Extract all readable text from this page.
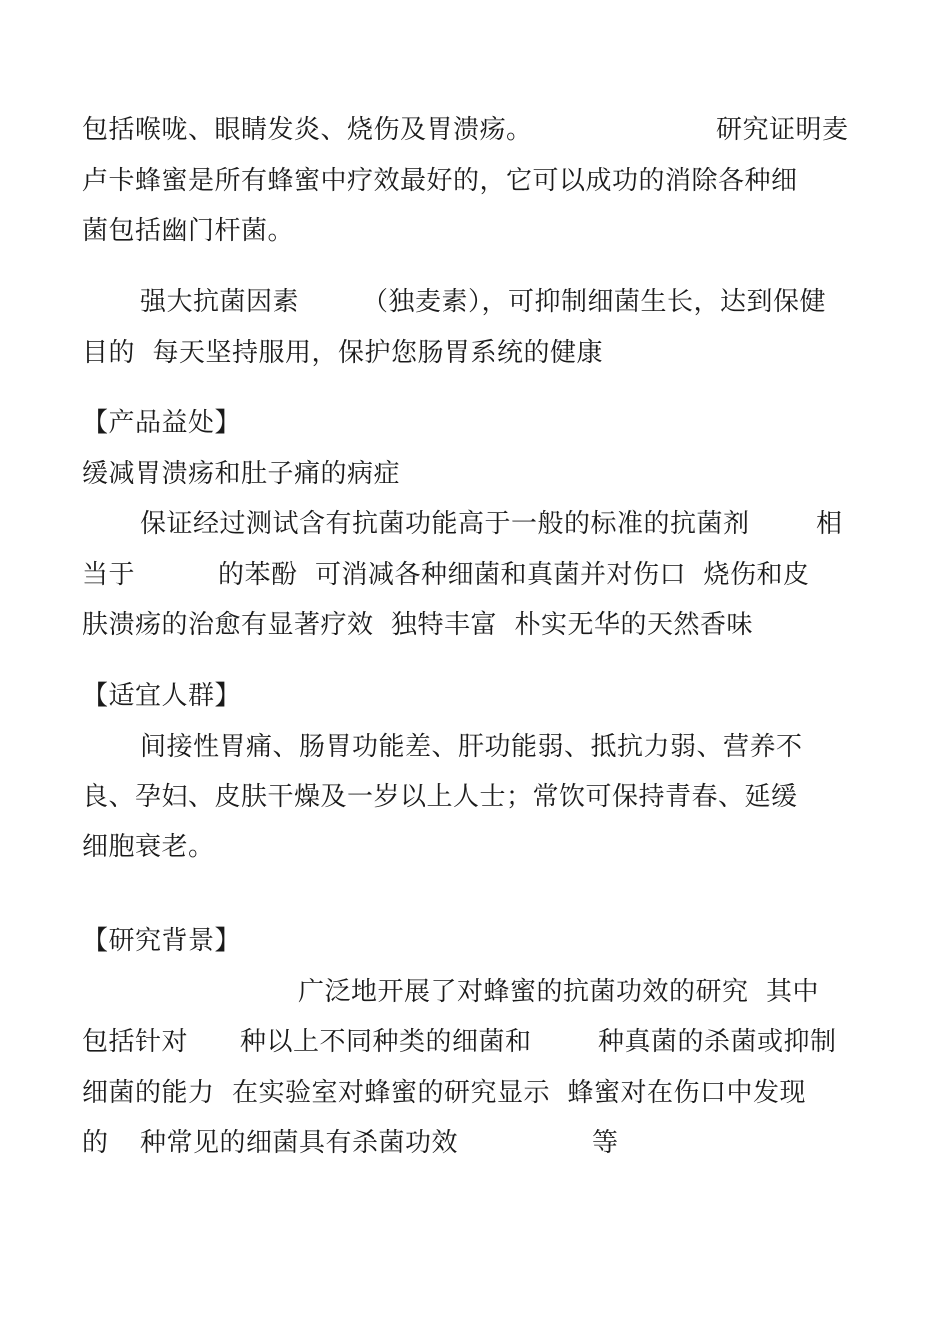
包括喉咙、眼睛发炎、烧伤及胃溃疡。	研究证明麦
卢卡蜂蜜是所有蜂蜜中疗效最好的，它可以成功的消除各种细
菌包括幽门杆菌。
强大抗菌因素 （独麦素），可抑制细菌生长，达到保健
目的  每天坚持服用，保护您肠胃系统的健康
【产品益处】
缓减胃溃疡和肚子痛的病症
保证经过测试含有抗菌功能高于一般的标准的抗菌剂	相
当于	的苯酚  可消减各种细菌和真菌并对伤口  烧伤和皮
肤溃疡的治愈有显著疗效  独特丰富  朴实无华的天然香味
【适宜人群】
间接性胃痛、肠胃功能差、肝功能弱、抵抗力弱、营养不
良、孕妇、皮肤干燥及一岁以上人士；常饮可保持青春、延缓
细胞衰老。
【研究背景】
广泛地开展了对蜂蜜的抗菌功效的研究  其中
包括针对 种以上不同种类的细菌和	种真菌的杀菌或抑制
细菌的能力  在实验室对蜂蜜的研究显示  蜂蜜对在伤口中发现
的 种常见的细菌具有杀菌功效	等
